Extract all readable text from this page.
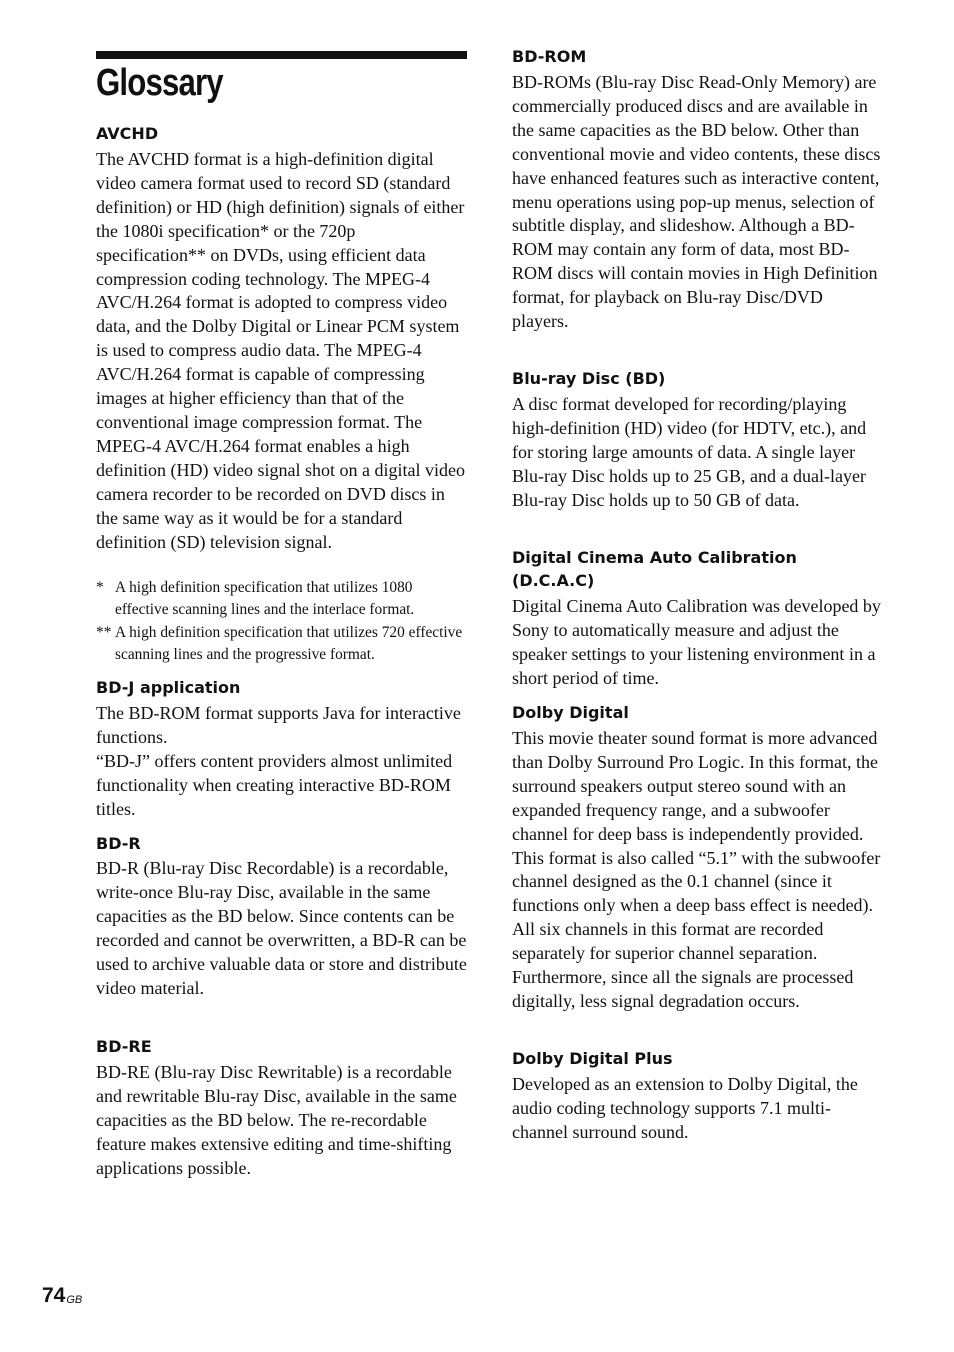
Glossary
AVCHD

The AVCHD format is a high-definition digital video camera format used to record SD (standard definition) or HD (high definition) signals of either the 1080i specification* or the 720p specification** on DVDs, using efficient data compression coding technology. The MPEG-4 AVC/H.264 format is adopted to compress video data, and the Dolby Digital or Linear PCM system is used to compress audio data. The MPEG-4 AVC/H.264 format is capable of compressing images at higher efficiency than that of the conventional image compression format. The MPEG-4 AVC/H.264 format enables a high definition (HD) video signal shot on a digital video camera recorder to be recorded on DVD discs in the same way as it would be for a standard definition (SD) television signal.

* A high definition specification that utilizes 1080 effective scanning lines and the interlace format.
** A high definition specification that utilizes 720 effective scanning lines and the progressive format.
BD-J application

The BD-ROM format supports Java for interactive functions.

“BD-J” offers content providers almost unlimited functionality when creating interactive BD-ROM titles.

BD-R

BD-R (Blu-ray Disc Recordable) is a recordable, write-once Blu-ray Disc, available in the same capacities as the BD below. Since contents can be recorded and cannot be overwritten, a BD-R can be used to archive valuable data or store and distribute video material.

BD-RE

BD-RE (Blu-ray Disc Rewritable) is a recordable and rewritable Blu-ray Disc, available in the same capacities as the BD below. The re-recordable feature makes extensive editing and time-shifting applications possible.

BD-ROM

BD-ROMs (Blu-ray Disc Read-Only Memory) are commercially produced discs and are available in the same capacities as the BD below. Other than conventional movie and video contents, these discs have enhanced features such as interactive content, menu operations using pop-up menus, selection of subtitle display, and slideshow. Although a BD-ROM may contain any form of data, most BD-ROM discs will contain movies in High Definition format, for playback on Blu-ray Disc/DVD players.

Blu-ray Disc (BD)

A disc format developed for recording/playing high-definition (HD) video (for HDTV, etc.), and for storing large amounts of data. A single layer Blu-ray Disc holds up to 25 GB, and a dual-layer Blu-ray Disc holds up to 50 GB of data.

Digital Cinema Auto Calibration (D.C.A.C)

Digital Cinema Auto Calibration was developed by Sony to automatically measure and adjust the speaker settings to your listening environment in a short period of time.

Dolby Digital

This movie theater sound format is more advanced than Dolby Surround Pro Logic. In this format, the surround speakers output stereo sound with an expanded frequency range, and a subwoofer channel for deep bass is independently provided. This format is also called “5.1” with the subwoofer channel designed as the 0.1 channel (since it functions only when a deep bass effect is needed). All six channels in this format are recorded separately for superior channel separation. Furthermore, since all the signals are processed digitally, less signal degradation occurs.

Dolby Digital Plus

Developed as an extension to Dolby Digital, the audio coding technology supports 7.1 multi-channel surround sound.

$74^{GB}$
